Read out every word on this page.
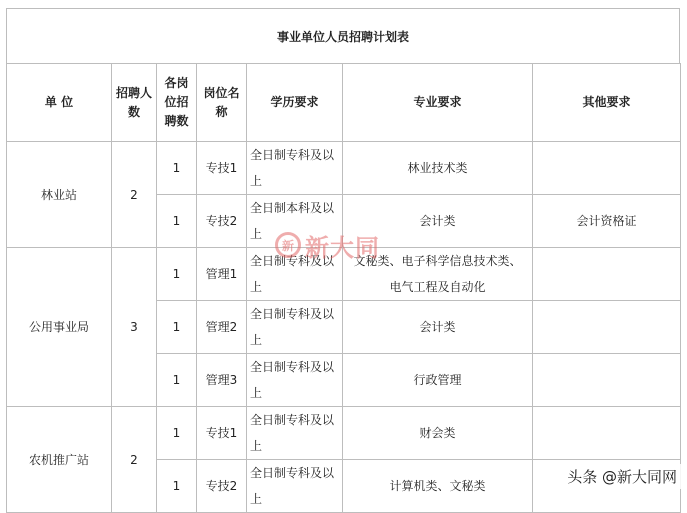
事业单位人员招聘计划表
单 位	招聘人数	各岗位招聘数	岗位名称	学历要求	专业要求	其他要求
林业站	2	1	专技1	全日制专科及以上	林业技术类	
		1	专技2	全日制本科及以上	会计类	会计资格证
公用事业局	3	1	管理1	全日制专科及以上	文秘类、电子科学信息技术类、 电气工程及自动化	
		1	管理2	全日制专科及以上	会计类	
		1	管理3	全日制专科及以上	行政管理	
农机推广站	2	1	专技1	全日制专科及以上	财会类	
		1	专技2	全日制专科及以上	计算机类、文秘类	
新 新大同
头条 @新大同网
